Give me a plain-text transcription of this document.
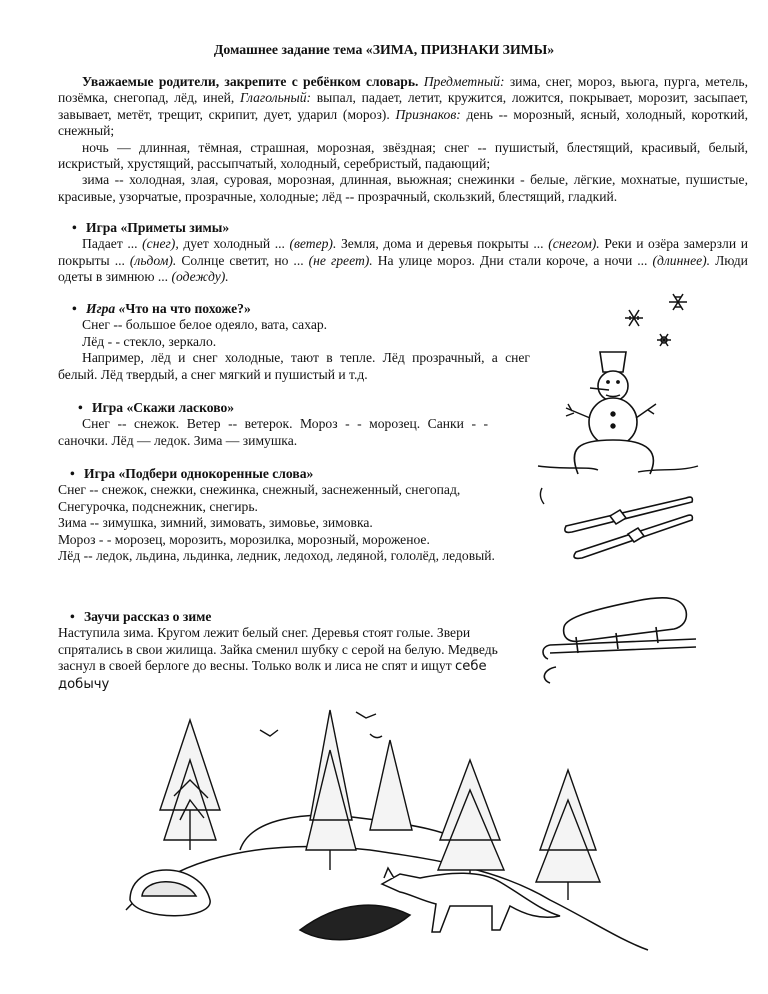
Домашнее задание тема «ЗИМА, ПРИЗНАКИ ЗИМЫ»

Уважаемые родители, закрепите с ребёнком словарь. Предметный: зима, снег, мороз, вьюга, пурга, метель, позёмка, снегопад, лёд, иней, Глагольный: выпал, падает, летит, кружится, ложится, покрывает, морозит, засыпает, завывает, метёт, трещит, скрипит, дует, ударил (мороз). Признаков: день -- морозный, ясный, холодный, короткий, снежный;

ночь — длинная, тёмная, страшная, морозная, звёздная; снег -- пушистый, блестящий, красивый, белый, искристый, хрустящий, рассыпчатый, холодный, серебристый, падающий;

зима -- холодная, злая, суровая, морозная, длинная, вьюжная; снежинки - белые, лёгкие, мохнатые, пушистые, красивые, узорчатые, прозрачные, холодные; лёд -- прозрачный, скользкий, блестящий, гладкий.

• Игра «Приметы зимы»

Падает ... (снег), дует холодный ... (ветер). Земля, дома и деревья покрыты ... (снегом). Реки и озёра замерзли и покрыты ... (льдом). Солнце светит, но ... (не греет). На улице мороз. Дни стали короче, а ночи ... (длиннее). Люди одеты в зимнюю ... (одежду).

• Игра «Что на что похоже?»

Снег -- большое белое одеяло, вата, сахар.

Лёд - - стекло, зеркало.

Например, лёд и снег холодные, тают в тепле. Лёд прозрачный, а снег белый. Лёд твердый, а снег мягкий и пушистый и т.д.

• Игра «Скажи ласково»

Снег -- снежок. Ветер -- ветерок. Мороз - - морозец. Санки - - саночки. Лёд — ледок. Зима — зимушка.

• Игра «Подбери однокоренные слова»

Снег -- снежок, снежки, снежинка, снежный, заснеженный, снегопад, Снегурочка, подснежник, снегирь.

Зима -- зимушка, зимний, зимовать, зимовье, зимовка.

Мороз - - морозец, морозить, морозилка, морозный, мороженое.

Лёд -- ледок, льдина, льдинка, ледник, ледоход, ледяной, гололёд, ледовый.

• Заучи рассказ о зиме

Наступила зима. Кругом лежит белый снег. Деревья стоят голые. Звери спрятались в свои жилища. Зайка сменил шубку с серой на белую. Медведь заснул в своей берлоге до весны. Только волк и лиса не спят и ищут себе добычу
